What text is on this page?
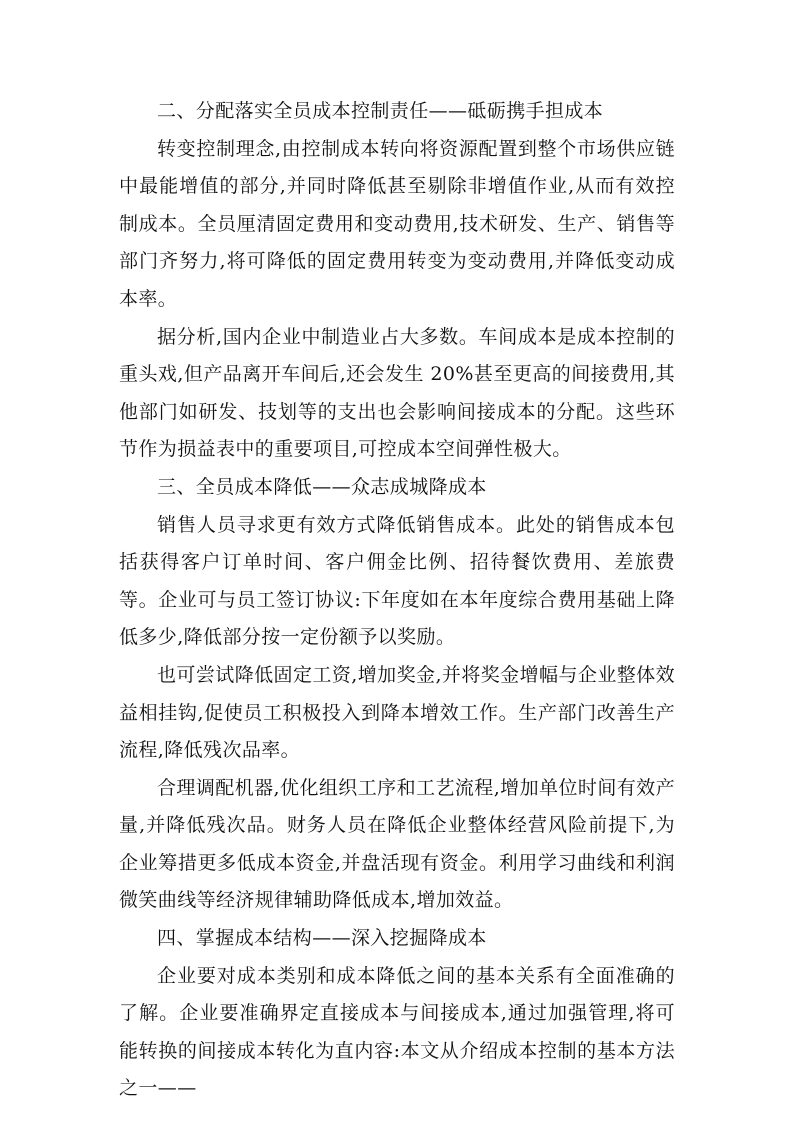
二、分配落实全员成本控制责任——砥砺携手担成本

转变控制理念,由控制成本转向将资源配置到整个市场供应链中最能增值的部分,并同时降低甚至剔除非增值作业,从而有效控制成本。全员厘清固定费用和变动费用,技术研发、生产、销售等部门齐努力,将可降低的固定费用转变为变动费用,并降低变动成本率。

据分析,国内企业中制造业占大多数。车间成本是成本控制的重头戏,但产品离开车间后,还会发生 20%甚至更高的间接费用,其他部门如研发、技划等的支出也会影响间接成本的分配。这些环节作为损益表中的重要项目,可控成本空间弹性极大。

三、全员成本降低——众志成城降成本

销售人员寻求更有效方式降低销售成本。此处的销售成本包括获得客户订单时间、客户佣金比例、招待餐饮费用、差旅费等。企业可与员工签订协议:下年度如在本年度综合费用基础上降低多少,降低部分按一定份额予以奖励。

也可尝试降低固定工资,增加奖金,并将奖金增幅与企业整体效益相挂钩,促使员工积极投入到降本增效工作。生产部门改善生产流程,降低残次品率。

合理调配机器,优化组织工序和工艺流程,增加单位时间有效产量,并降低残次品。财务人员在降低企业整体经营风险前提下,为企业筹措更多低成本资金,并盘活现有资金。利用学习曲线和利润微笑曲线等经济规律辅助降低成本,增加效益。

四、掌握成本结构——深入挖掘降成本

企业要对成本类别和成本降低之间的基本关系有全面准确的了解。企业要准确界定直接成本与间接成本,通过加强管理,将可能转换的间接成本转化为直内容:本文从介绍成本控制的基本方法之一——
